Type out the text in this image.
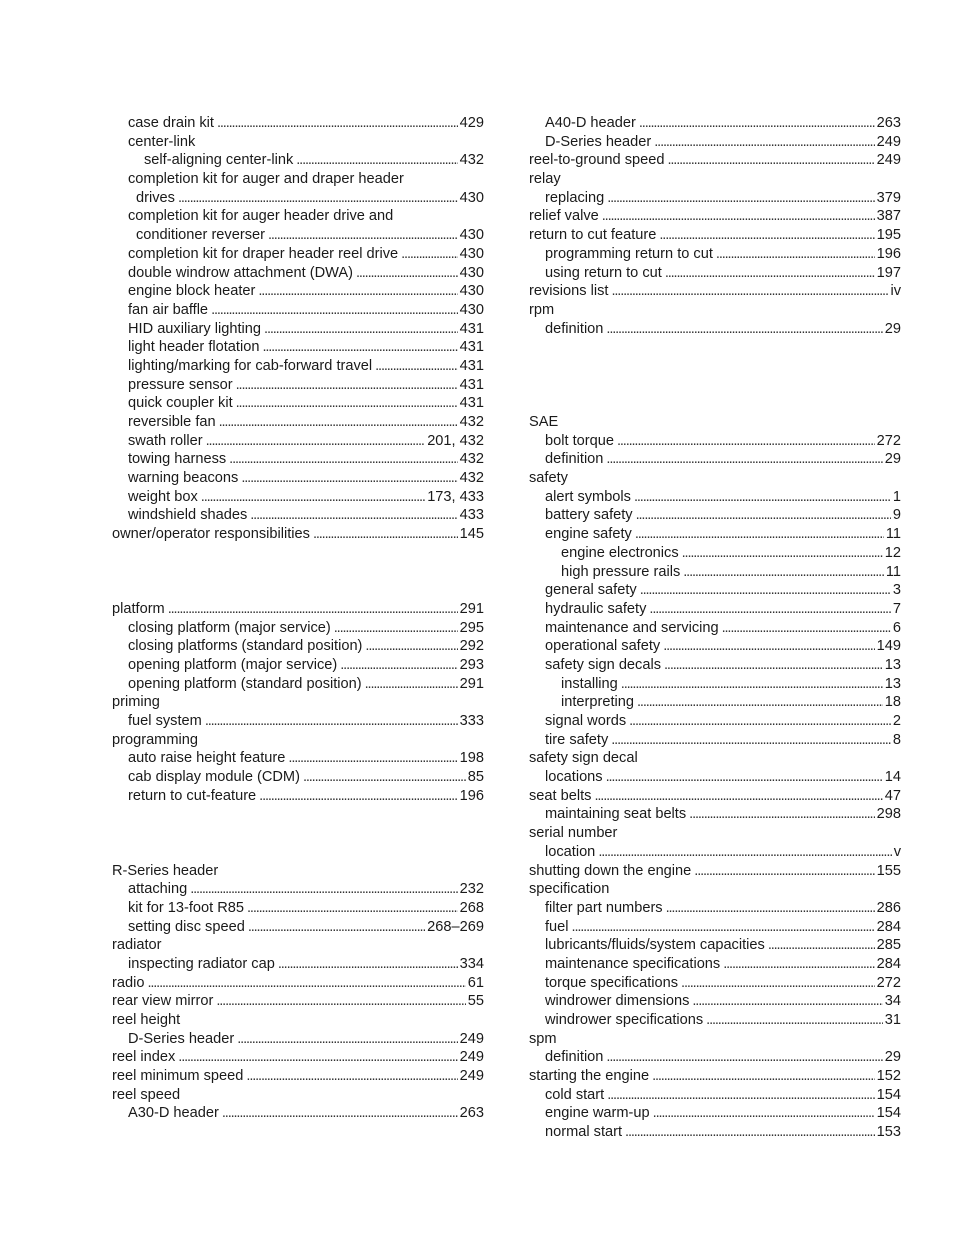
case drain kit . . .	429
center-link
self-aligning center-link . . .	432
completion kit for auger and draper header
drives . . .	430
completion kit for auger header drive and
conditioner reverser . . .	430
completion kit for draper header reel drive . . .	430
double windrow attachment (DWA) . . .	430
engine block heater . . .	430
fan air baffle . . .	430
HID auxiliary lighting . . .	431
light header flotation . . .	431
lighting/marking for cab-forward travel . . .	431
pressure sensor . . .	431
quick coupler kit . . .	431
reversible fan . . .	432
swath roller . . .	201, 432
towing harness . . .	432
warning beacons . . .	432
weight box . . .	173, 433
windshield shades . . .	433
owner/operator responsibilities . . .	145
platform . . .	291
closing platform (major service) . . .	295
closing platforms (standard position) . . .	292
opening platform (major service) . . .	293
opening platform (standard position) . . .	291
priming
fuel system . . .	333
programming
auto raise height feature . . .	198
cab display module (CDM) . . .	85
return to cut-feature . . .	196
R-Series header
attaching . . .	232
kit for 13-foot R85 . . .	268
setting disc speed . . .	268–269
radiator
inspecting radiator cap . . .	334
radio . . .	61
rear view mirror . . .	55
reel height
D-Series header . . .	249
reel index . . .	249
reel minimum speed . . .	249
reel speed
A30-D header . . .	263
A40-D header . . .	263
D-Series header . . .	249
reel-to-ground speed . . .	249
relay
replacing . . .	379
relief valve . . .	387
return to cut feature . . .	195
programming return to cut . . .	196
using return to cut . . .	197
revisions list . . .	iv
rpm
definition . . .	29
SAE
bolt torque . . .	272
definition . . .	29
safety
alert symbols . . .	1
battery safety . . .	9
engine safety . . .	11
engine electronics . . .	12
high pressure rails . . .	11
general safety . . .	3
hydraulic safety . . .	7
maintenance and servicing . . .	6
operational safety . . .	149
safety sign decals . . .	13
installing . . .	13
interpreting . . .	18
signal words . . .	2
tire safety . . .	8
safety sign decal
locations . . .	14
seat belts . . .	47
maintaining seat belts . . .	298
serial number
location . . .	v
shutting down the engine . . .	155
specification
filter part numbers . . .	286
fuel . . .	284
lubricants/fluids/system capacities . . .	285
maintenance specifications . . .	284
torque specifications . . .	272
windrower dimensions . . .	34
windrower specifications . . .	31
spm
definition . . .	29
starting the engine . . .	152
cold start . . .	154
engine warm-up . . .	154
normal start . . .	153
